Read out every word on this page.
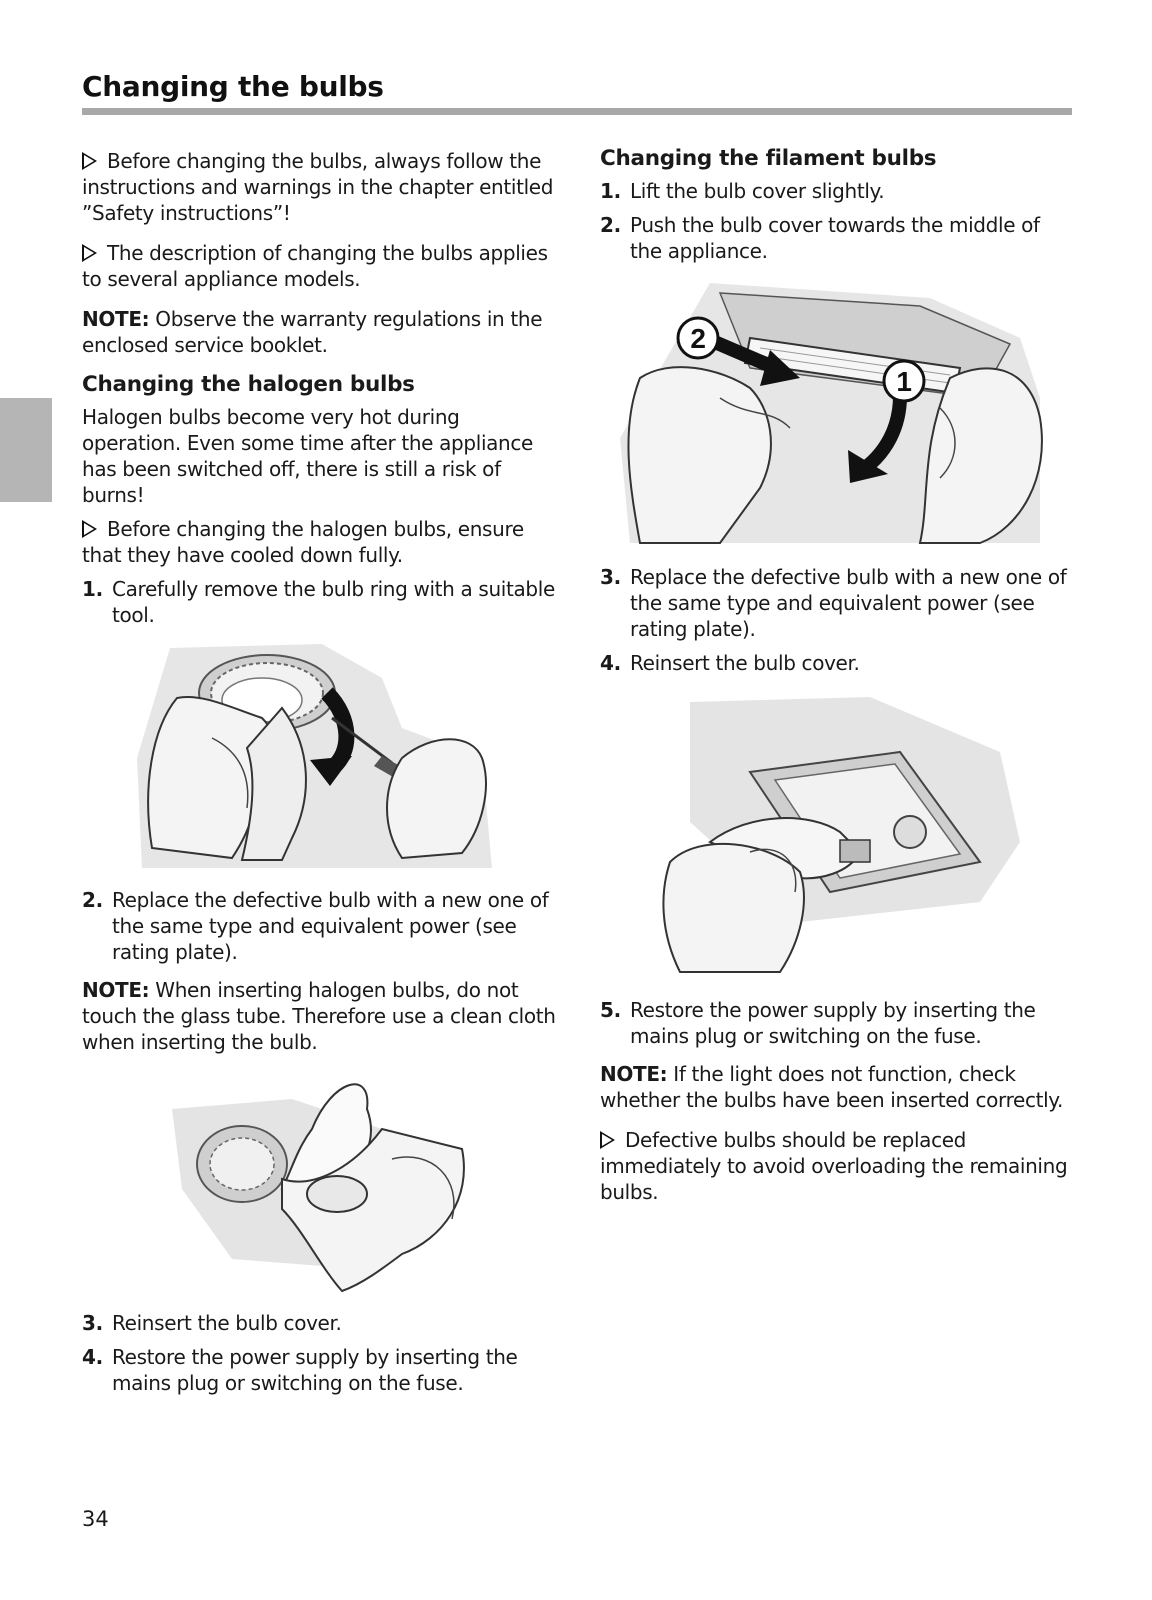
Changing the bulbs

Before changing the bulbs, always follow the instructions and warnings in the chapter entitled ”Safety instructions”!

The description of changing the bulbs applies to several appliance models.

NOTE: Observe the warranty regulations in the enclosed service booklet.

Changing the halogen bulbs

Halogen bulbs become very hot during operation. Even some time after the appliance has been switched off, there is still a risk of burns!

Before changing the halogen bulbs, ensure that they have cooled down fully.

1. Carefully remove the bulb ring with a suitable tool.
2. Replace the defective bulb with a new one of the same type and equivalent power (see rating plate).

NOTE: When inserting halogen bulbs, do not touch the glass tube. Therefore use a clean cloth when inserting the bulb.

3. Reinsert the bulb cover.
4. Restore the power supply by inserting the mains plug or switching on the fuse.
Changing the filament bulbs
1. Lift the bulb cover slightly.
2. Push the bulb cover towards the middle of the appliance.
2
1
3. Replace the defective bulb with a new one of the same type and equivalent power (see rating plate).
4. Reinsert the bulb cover.
5. Restore the power supply by inserting the mains plug or switching on the fuse.

NOTE: If the light does not function, check whether the bulbs have been inserted correctly.

Defective bulbs should be replaced immediately to avoid overloading the remaining bulbs.

34
